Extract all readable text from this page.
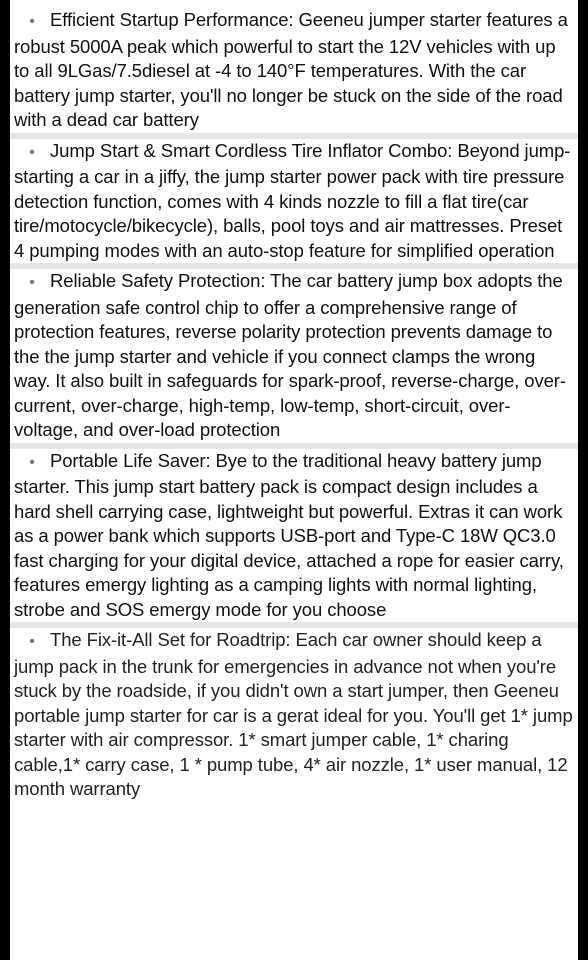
• Efficient Startup Performance: Geeneu jumper starter features a robust 5000A peak which powerful to start the 12V vehicles with up to all 9LGas/7.5diesel at -4 to 140°F temperatures. With the car battery jump starter, you'll no longer be stuck on the side of the road with a dead car battery

• Jump Start & Smart Cordless Tire Inflator Combo: Beyond jump-starting a car in a jiffy, the jump starter power pack with tire pressure detection function, comes with 4 kinds nozzle to fill a flat tire(car tire/motocycle/bikecycle), balls, pool toys and air mattresses. Preset 4 pumping modes with an auto-stop feature for simplified operation

• Reliable Safety Protection: The car battery jump box adopts the generation safe control chip to offer a comprehensive range of protection features, reverse polarity protection prevents damage to the the jump starter and vehicle if you connect clamps the wrong way. It also built in safeguards for spark-proof, reverse-charge, over-current, over-charge, high-temp, low-temp, short-circuit, over-voltage, and over-load protection

• Portable Life Saver: Bye to the traditional heavy battery jump starter. This jump start battery pack is compact design includes a hard shell carrying case, lightweight but powerful. Extras it can work as a power bank which supports USB-port and Type-C 18W QC3.0 fast charging for your digital device, attached a rope for easier carry, features emergy lighting as a camping lights with normal lighting, strobe and SOS emergy mode for you choose

• The Fix-it-All Set for Roadtrip: Each car owner should keep a jump pack in the trunk for emergencies in advance not when you're stuck by the roadside, if you didn't own a start jumper, then Geeneu portable jump starter for car is a gerat ideal for you. You'll get 1* jump starter with air compressor. 1* smart jumper cable, 1* charing cable,1* carry case, 1 * pump tube, 4* air nozzle, 1* user manual, 12 month warranty
